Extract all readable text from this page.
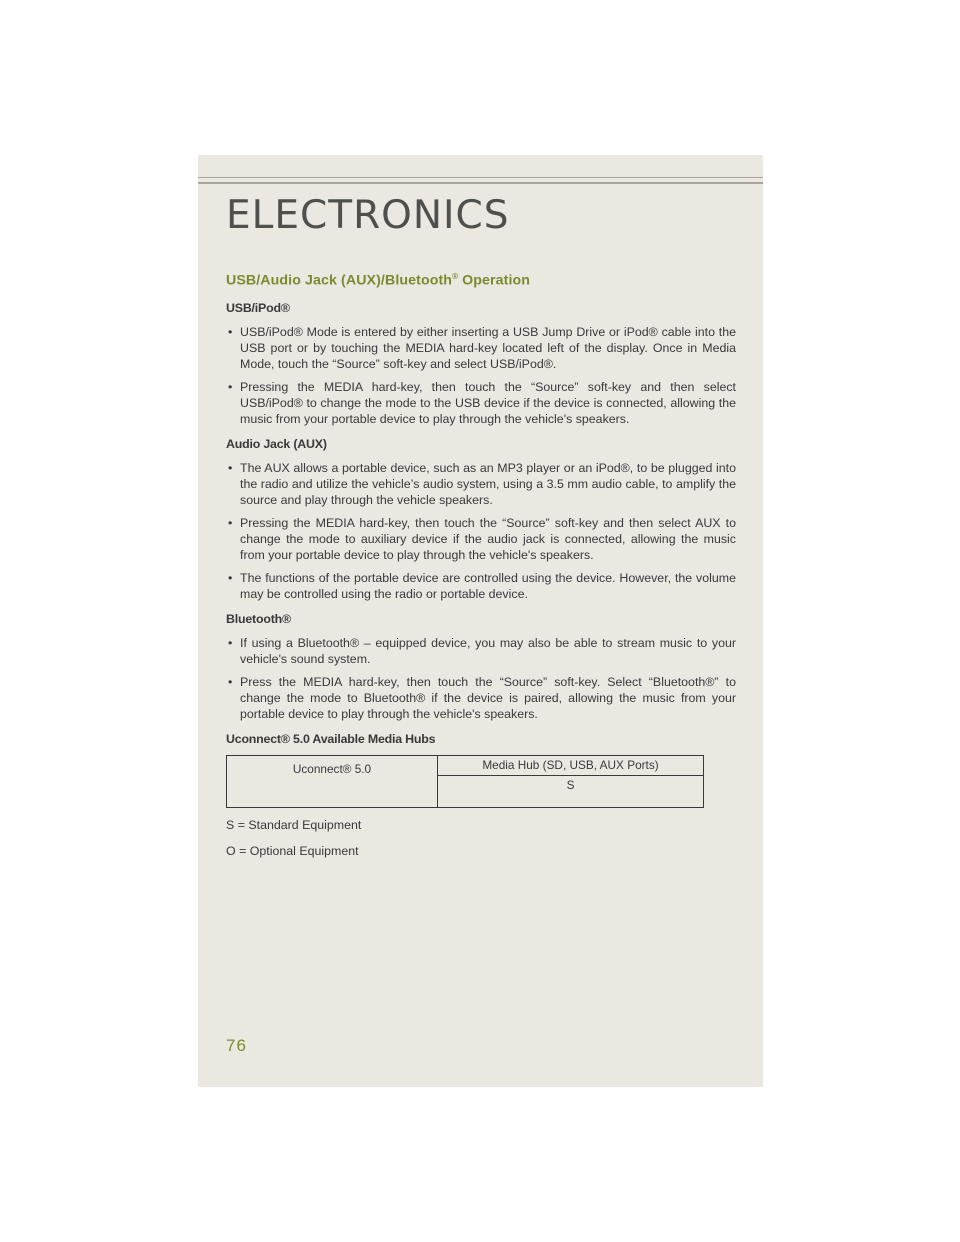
ELECTRONICS
USB/Audio Jack (AUX)/Bluetooth® Operation
USB/iPod®
• USB/iPod® Mode is entered by either inserting a USB Jump Drive or iPod® cable into the USB port or by touching the MEDIA hard-key located left of the display. Once in Media Mode, touch the “Source” soft-key and select USB/iPod®.
• Pressing the MEDIA hard-key, then touch the “Source” soft-key and then select USB/iPod® to change the mode to the USB device if the device is connected, allowing the music from your portable device to play through the vehicle's speakers.
Audio Jack (AUX)
• The AUX allows a portable device, such as an MP3 player or an iPod®, to be plugged into the radio and utilize the vehicle’s audio system, using a 3.5 mm audio cable, to amplify the source and play through the vehicle speakers.
• Pressing the MEDIA hard-key, then touch the “Source” soft-key and then select AUX to change the mode to auxiliary device if the audio jack is connected, allowing the music from your portable device to play through the vehicle's speakers.
• The functions of the portable device are controlled using the device. However, the volume may be controlled using the radio or portable device.
Bluetooth®
• If using a Bluetooth® – equipped device, you may also be able to stream music to your vehicle's sound system.
• Press the MEDIA hard-key, then touch the “Source” soft-key. Select “Bluetooth®” to change the mode to Bluetooth® if the device is paired, allowing the music from your portable device to play through the vehicle's speakers.
Uconnect® 5.0 Available Media Hubs
Uconnect® 5.0	Media Hub (SD, USB, AUX Ports)
S
S = Standard Equipment
O = Optional Equipment
76
